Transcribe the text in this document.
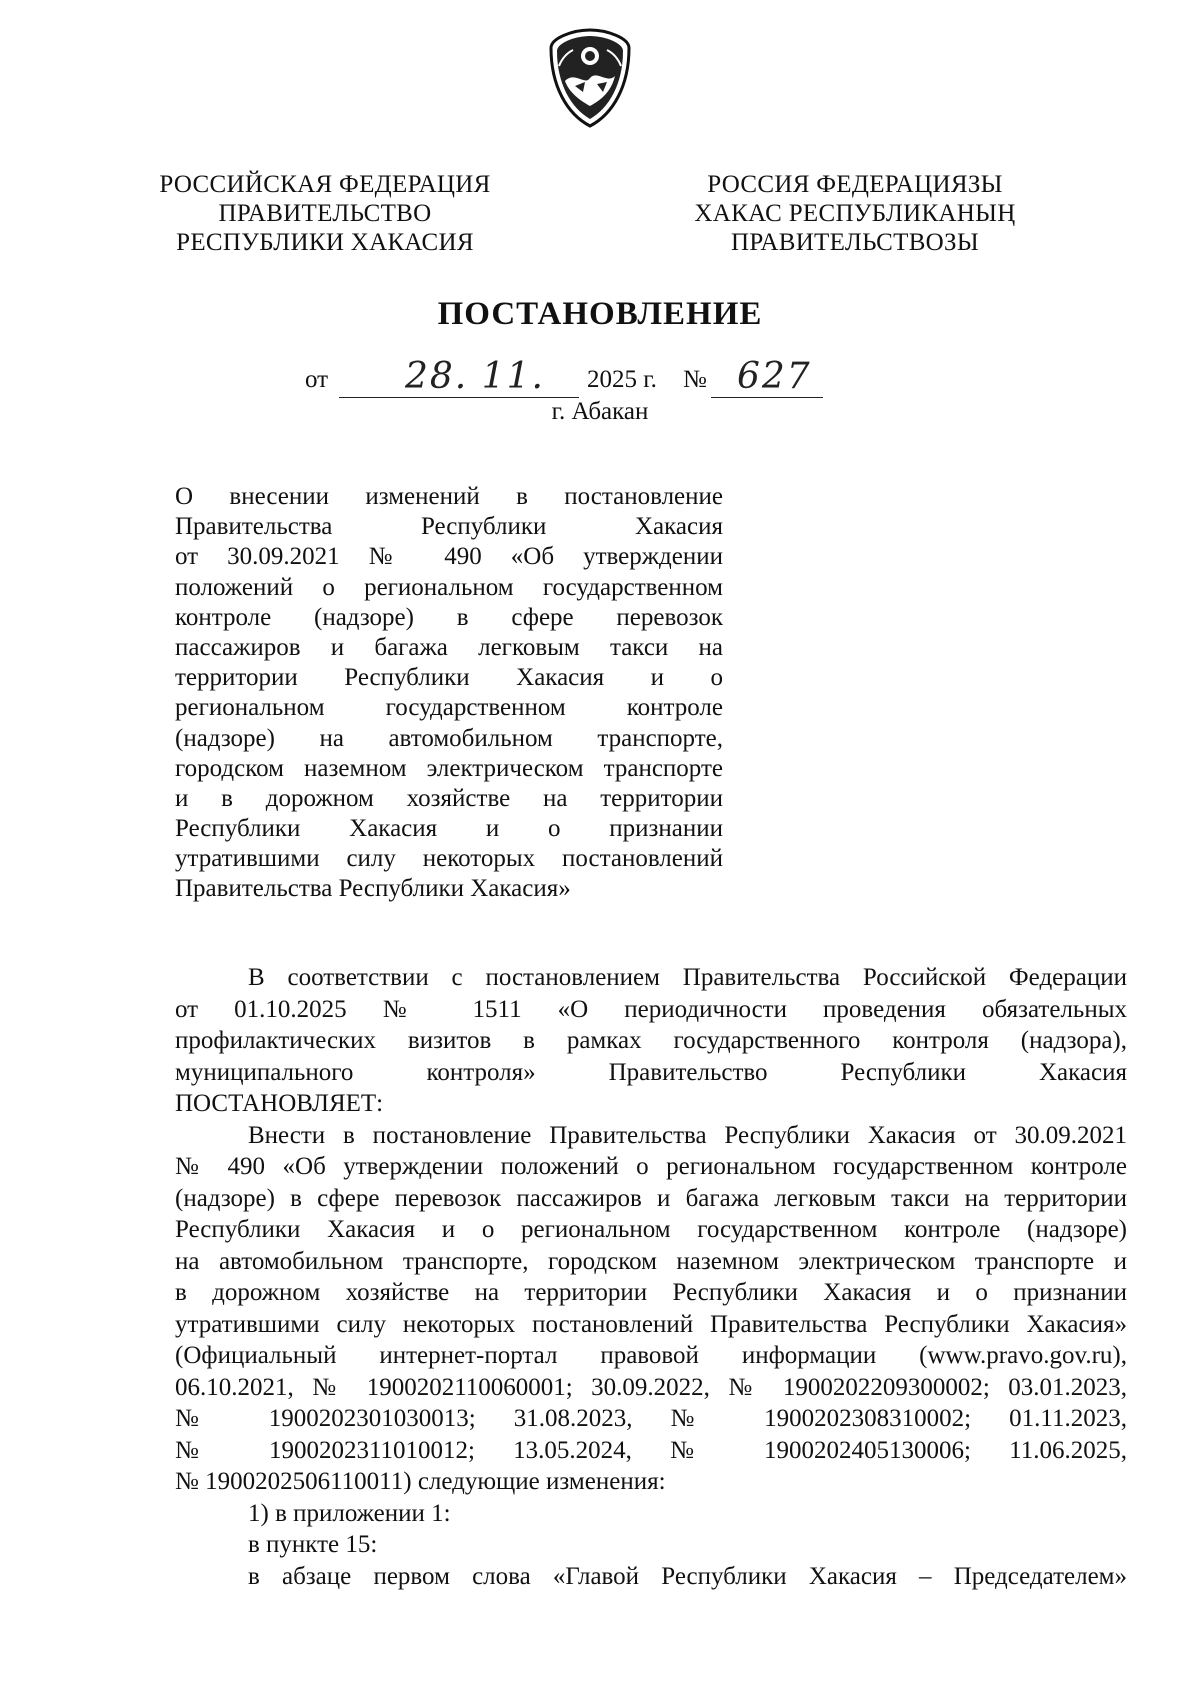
РОССИЙСКАЯ ФЕДЕРАЦИЯ
ПРАВИТЕЛЬСТВО
РЕСПУБЛИКИ ХАКАСИЯ
РОССИЯ ФЕДЕРАЦИЯЗЫ
ХАКАС РЕСПУБЛИКАНЫҢ
ПРАВИТЕЛЬСТВОЗЫ
ПОСТАНОВЛЕНИЕ
от 28. 11. 2025 г. № 627
г. Абакан
О внесении изменений в постановление
Правительства Республики Хакасия
от 30.09.2021 № 490 «Об утверждении
положений о региональном государственном
контроле (надзоре) в сфере перевозок
пассажиров и багажа легковым такси на
территории Республики Хакасия и о
региональном государственном контроле
(надзоре) на автомобильном транспорте,
городском наземном электрическом транспорте
и в дорожном хозяйстве на территории
Республики Хакасия и о признании
утратившими силу некоторых постановлений
Правительства Республики Хакасия»
В соответствии с постановлением Правительства Российской Федерации
от 01.10.2025 № 1511 «О периодичности проведения обязательных
профилактических визитов в рамках государственного контроля (надзора),
муниципального контроля» Правительство Республики Хакасия
ПОСТАНОВЛЯЕТ:
Внести в постановление Правительства Республики Хакасия от 30.09.2021
№ 490 «Об утверждении положений о региональном государственном контроле
(надзоре) в сфере перевозок пассажиров и багажа легковым такси на территории
Республики Хакасия и о региональном государственном контроле (надзоре)
на автомобильном транспорте, городском наземном электрическом транспорте и
в дорожном хозяйстве на территории Республики Хакасия и о признании
утратившими силу некоторых постановлений Правительства Республики Хакасия»
(Официальный интернет-портал правовой информации (www.pravo.gov.ru),
06.10.2021, № 1900202110060001; 30.09.2022, № 1900202209300002; 03.01.2023,
№ 1900202301030013; 31.08.2023, № 1900202308310002; 01.11.2023,
№ 1900202311010012; 13.05.2024, № 1900202405130006; 11.06.2025,
№ 1900202506110011) следующие изменения:
1) в приложении 1:
в пункте 15:
в абзаце первом слова «Главой Республики Хакасия – Председателем»
